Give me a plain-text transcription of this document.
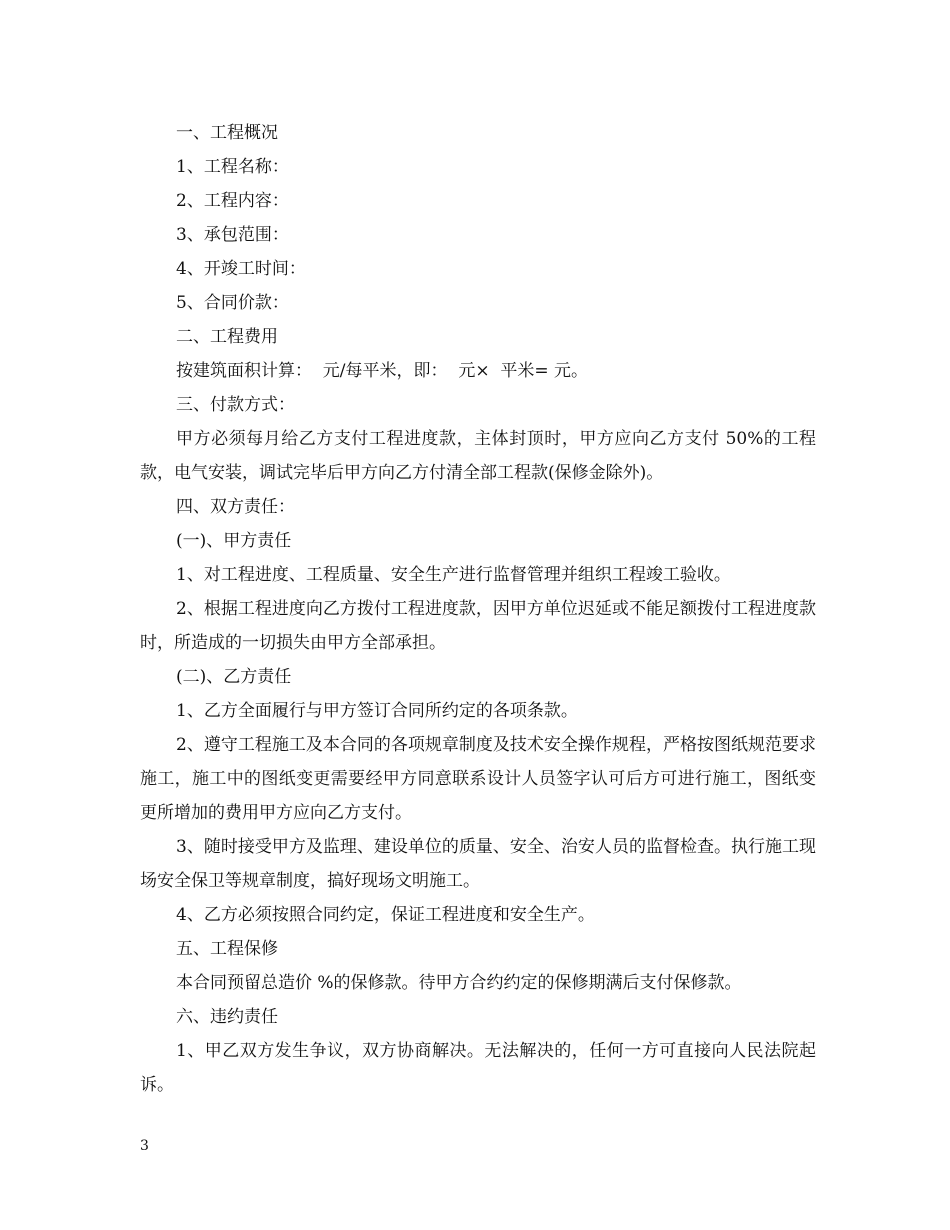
一、工程概况

1、工程名称：

2、工程内容：

3、承包范围：

4、开竣工时间：

5、合同价款：

二、工程费用

按建筑面积计算：  元/每平米，即：  元×  平米= 元。

三、付款方式：

甲方必须每月给乙方支付工程进度款，主体封顶时，甲方应向乙方支付 50%的工程款，电气安装，调试完毕后甲方向乙方付清全部工程款(保修金除外)。

四、双方责任：

(一)、甲方责任

1、对工程进度、工程质量、安全生产进行监督管理并组织工程竣工验收。

2、根据工程进度向乙方拨付工程进度款，因甲方单位迟延或不能足额拨付工程进度款时，所造成的一切损失由甲方全部承担。

(二)、乙方责任

1、乙方全面履行与甲方签订合同所约定的各项条款。

2、遵守工程施工及本合同的各项规章制度及技术安全操作规程，严格按图纸规范要求施工，施工中的图纸变更需要经甲方同意联系设计人员签字认可后方可进行施工，图纸变更所增加的费用甲方应向乙方支付。

3、随时接受甲方及监理、建设单位的质量、安全、治安人员的监督检查。执行施工现场安全保卫等规章制度，搞好现场文明施工。

4、乙方必须按照合同约定，保证工程进度和安全生产。

五、工程保修

本合同预留总造价 %的保修款。待甲方合约约定的保修期满后支付保修款。

六、违约责任

1、甲乙双方发生争议，双方协商解决。无法解决的，任何一方可直接向人民法院起诉。

3
